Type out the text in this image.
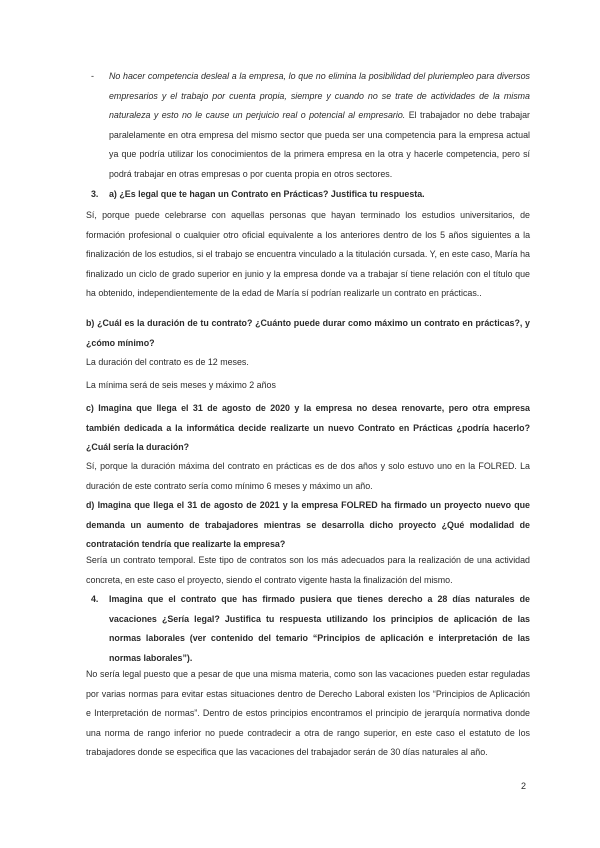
- No hacer competencia desleal a la empresa, lo que no elimina la posibilidad del pluriempleo para diversos empresarios y el trabajo por cuenta propia, siempre y cuando no se trate de actividades de la misma naturaleza y esto no le cause un perjuicio real o potencial al empresario. El trabajador no debe trabajar paralelamente en otra empresa del mismo sector que pueda ser una competencia para la empresa actual ya que podría utilizar los conocimientos de la primera empresa en la otra y hacerle competencia, pero sí podrá trabajar en otras empresas o por cuenta propia en otros sectores.

3. a) ¿Es legal que te hagan un Contrato en Prácticas? Justifica tu respuesta.

Sí, porque puede celebrarse con aquellas personas que hayan terminado los estudios universitarios, de formación profesional o cualquier otro oficial equivalente a los anteriores dentro de los 5 años siguientes a la finalización de los estudios, si el trabajo se encuentra vinculado a la titulación cursada. Y, en este caso, María ha finalizado un ciclo de grado superior en junio y la empresa donde va a trabajar sí tiene relación con el título que ha obtenido, independientemente de la edad de María sí podrían realizarle un contrato en prácticas..

b) ¿Cuál es la duración de tu contrato? ¿Cuánto puede durar como máximo un contrato en prácticas?, y ¿cómo mínimo?

La duración del contrato es de 12 meses.

La mínima será de seis meses y máximo 2 años

c) Imagina que llega el 31 de agosto de 2020 y la empresa no desea renovarte, pero otra empresa también dedicada a la informática decide realizarte un nuevo Contrato en Prácticas ¿podría hacerlo? ¿Cuál sería la duración?

Sí, porque la duración máxima del contrato en prácticas es de dos años y solo estuvo uno en la FOLRED. La duración de este contrato sería como mínimo 6 meses y máximo un año.

d) Imagina que llega el 31 de agosto de 2021 y la empresa FOLRED ha firmado un proyecto nuevo que demanda un aumento de trabajadores mientras se desarrolla dicho proyecto ¿Qué modalidad de contratación tendría que realizarte la empresa?

Sería un contrato temporal. Este tipo de contratos son los más adecuados para la realización de una actividad concreta, en este caso el proyecto, siendo el contrato vigente hasta la finalización del mismo.

4. Imagina que el contrato que has firmado pusiera que tienes derecho a 28 días naturales de vacaciones ¿Sería legal? Justifica tu respuesta utilizando los principios de aplicación de las normas laborales (ver contenido del temario “Principios de aplicación e interpretación de las normas laborales”).

No sería legal puesto que a pesar de que una misma materia, como son las vacaciones pueden estar reguladas por varias normas para evitar estas situaciones dentro de Derecho Laboral existen los “Principios de Aplicación e Interpretación de normas”. Dentro de estos principios encontramos el principio de jerarquía normativa donde una norma de rango inferior no puede contradecir a otra de rango superior, en este caso el estatuto de los trabajadores donde se especifica que las vacaciones del trabajador serán de 30 días naturales al año.

2
